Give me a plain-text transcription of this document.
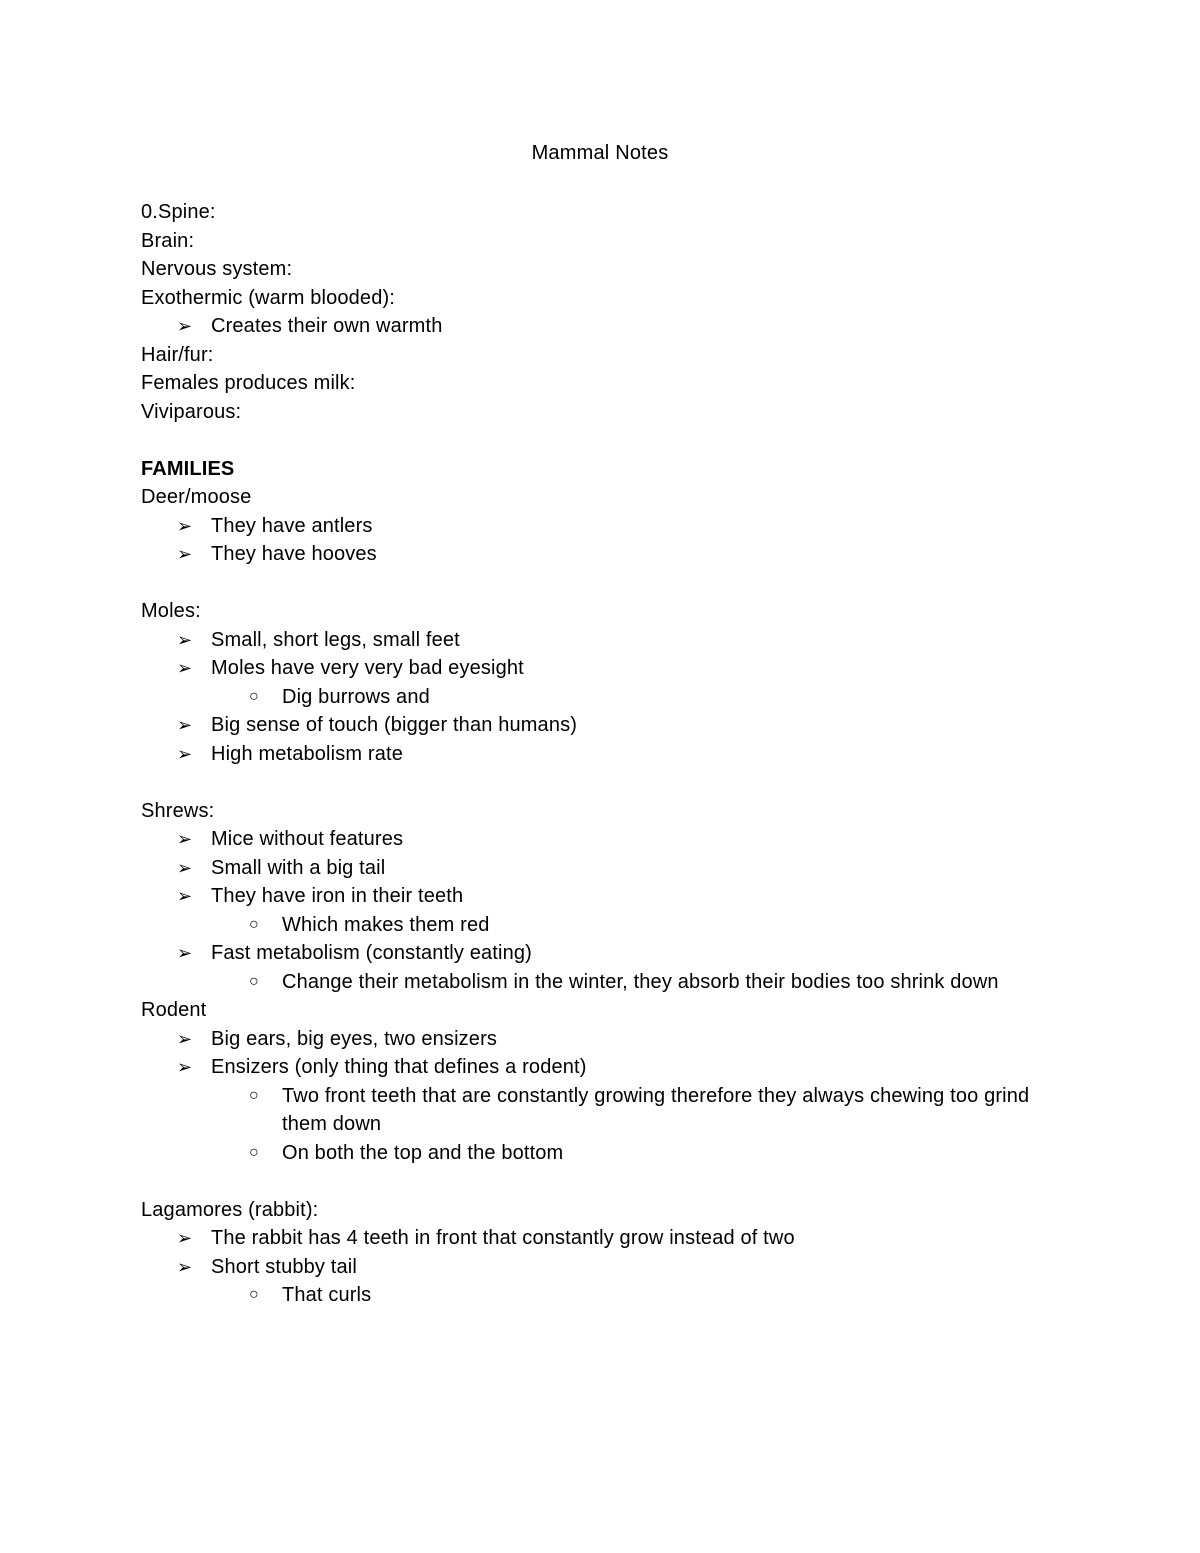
Mammal Notes
0.Spine:
Brain:
Nervous system:
Exothermic (warm blooded):
➢ Creates their own warmth
Hair/fur:
Females produces milk:
Viviparous:
FAMILIES
Deer/moose
➢ They have antlers
➢ They have hooves
Moles:
➢ Small, short legs, small feet
➢ Moles have very very bad eyesight
○ Dig burrows and
➢ Big sense of touch (bigger than humans)
➢ High metabolism rate
Shrews:
➢ Mice without features
➢ Small with a big tail
➢ They have iron in their teeth
○ Which makes them red
➢ Fast metabolism (constantly eating)
○ Change their metabolism in the winter, they absorb their bodies too shrink down
Rodent
➢ Big ears, big eyes, two ensizers
➢ Ensizers (only thing that defines a rodent)
○ Two front teeth that are constantly growing therefore they always chewing too grind them down
○ On both the top and the bottom
Lagamores (rabbit):
➢ The rabbit has 4 teeth in front that constantly grow instead of two
➢ Short stubby tail
○ That curls
